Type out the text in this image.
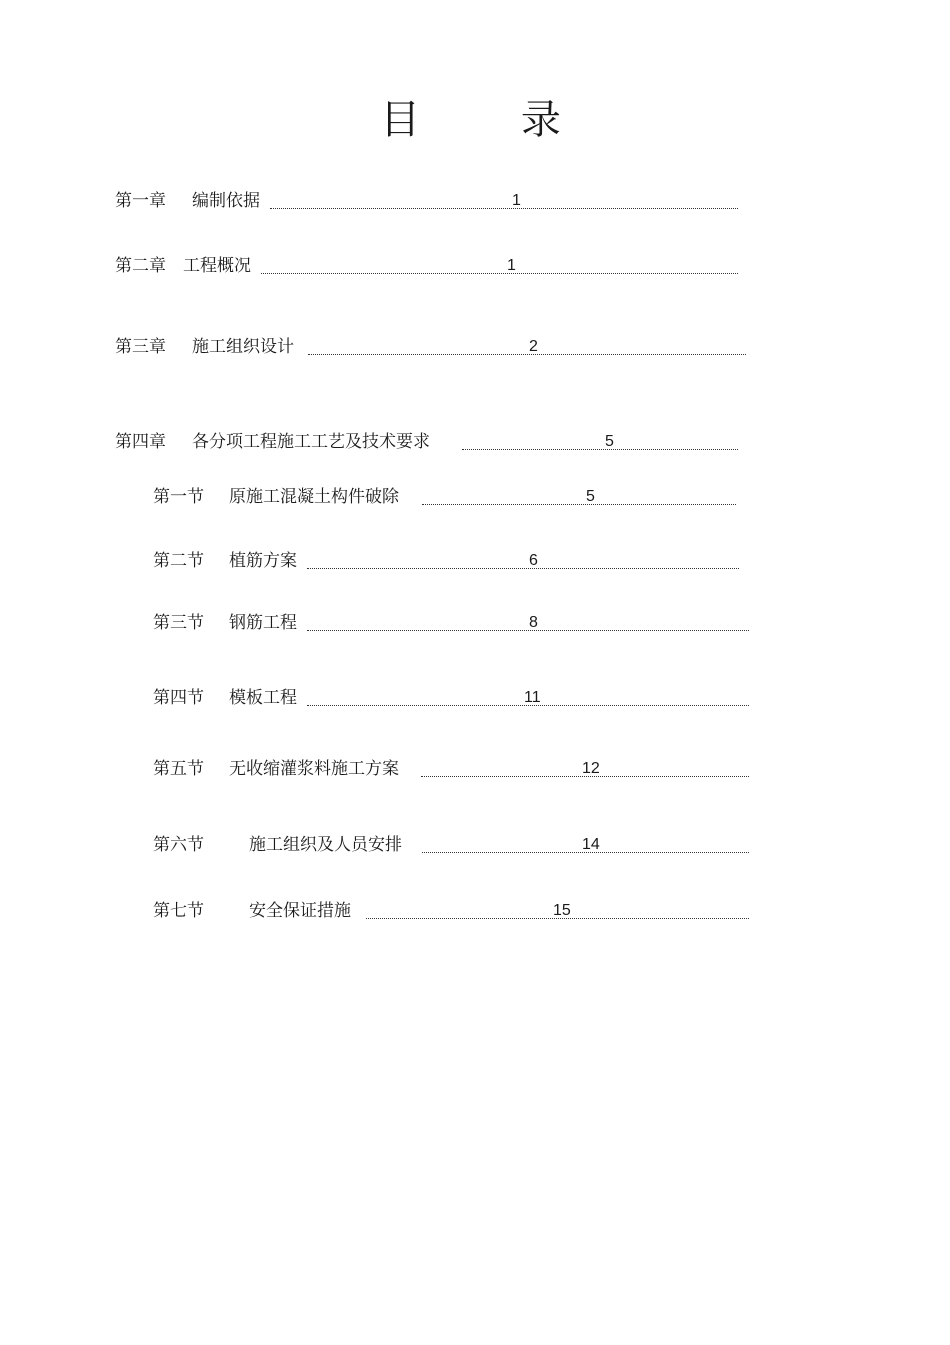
目 录
第一章 编制依据	1
第二章 工程概况	1
第三章 施工组织设计	2
第四章 各分项工程施工工艺及技术要求	5
第一节 原施工混凝土构件破除	5
第二节 植筋方案	6
第三节 钢筋工程	8
第四节 模板工程	11
第五节 无收缩灌浆料施工方案	12
第六节	施工组织及人员安排	14
第七节	安全保证措施	15
